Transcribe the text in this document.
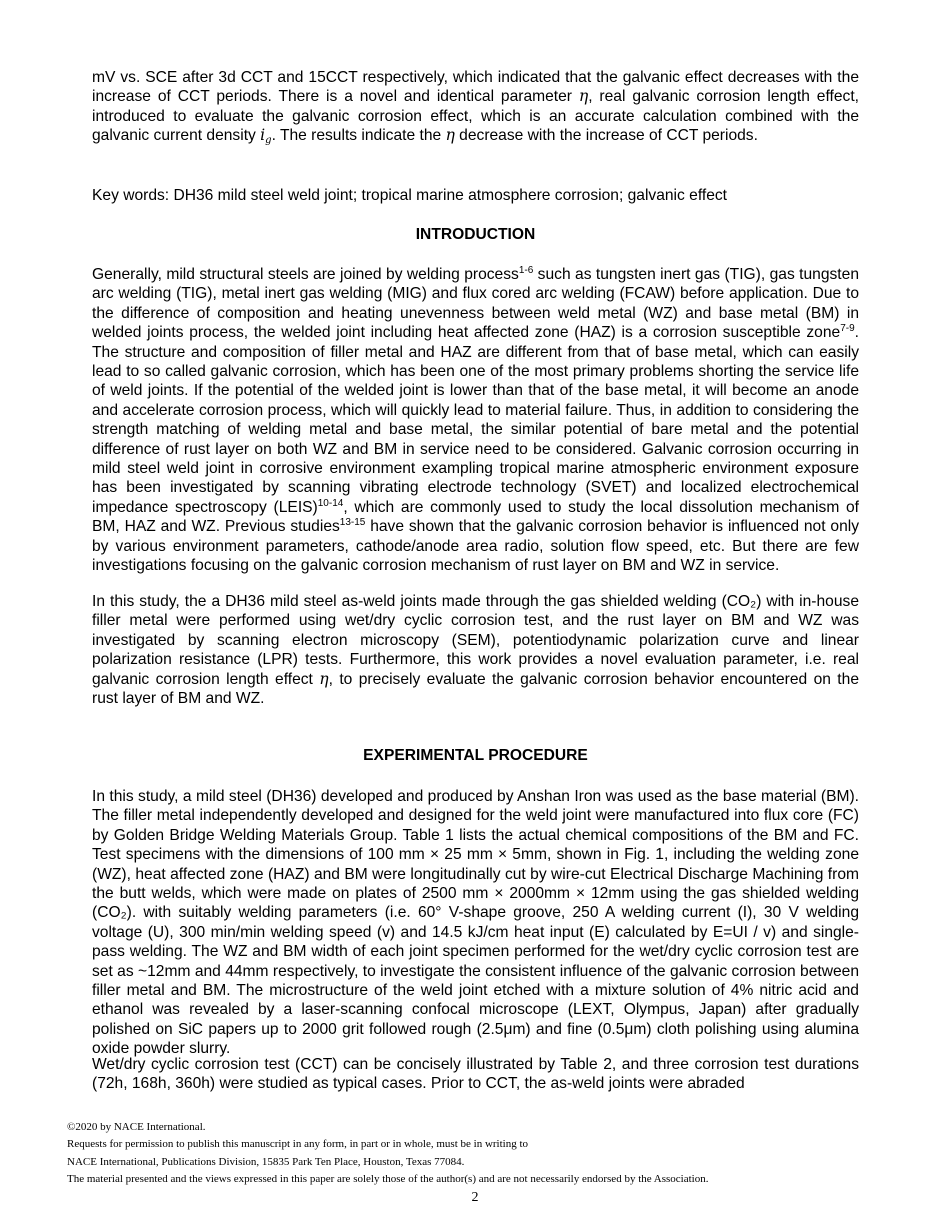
mV vs. SCE after 3d CCT and 15CCT respectively, which indicated that the galvanic effect decreases with the increase of CCT periods. There is a novel and identical parameter η, real galvanic corrosion length effect, introduced to evaluate the galvanic corrosion effect, which is an accurate calculation combined with the galvanic current density $i_g$. The results indicate the η decrease with the increase of CCT periods.

Key words: DH36 mild steel weld joint; tropical marine atmosphere corrosion; galvanic effect

INTRODUCTION

Generally, mild structural steels are joined by welding process$^{1-6}$ such as tungsten inert gas (TIG), gas tungsten arc welding (TIG), metal inert gas welding (MIG) and flux cored arc welding (FCAW) before application. Due to the difference of composition and heating unevenness between weld metal (WZ) and base metal (BM) in welded joints process, the welded joint including heat affected zone (HAZ) is a corrosion susceptible zone$^{7-9}$. The structure and composition of filler metal and HAZ are different from that of base metal, which can easily lead to so called galvanic corrosion, which has been one of the most primary problems shorting the service life of weld joints. If the potential of the welded joint is lower than that of the base metal, it will become an anode and accelerate corrosion process, which will quickly lead to material failure. Thus, in addition to considering the strength matching of welding metal and base metal, the similar potential of bare metal and the potential difference of rust layer on both WZ and BM in service need to be considered. Galvanic corrosion occurring in mild steel weld joint in corrosive environment exampling tropical marine atmospheric environment exposure has been investigated by scanning vibrating electrode technology (SVET) and localized electrochemical impedance spectroscopy (LEIS)$^{10-14}$, which are commonly used to study the local dissolution mechanism of BM, HAZ and WZ. Previous studies$^{13-15}$ have shown that the galvanic corrosion behavior is influenced not only by various environment parameters, cathode/anode area radio, solution flow speed, etc. But there are few investigations focusing on the galvanic corrosion mechanism of rust layer on BM and WZ in service.

In this study, the a DH36 mild steel as-weld joints made through the gas shielded welding (CO₂) with in-house filler metal were performed using wet/dry cyclic corrosion test, and the rust layer on BM and WZ was investigated by scanning electron microscopy (SEM), potentiodynamic polarization curve and linear polarization resistance (LPR) tests. Furthermore, this work provides a novel evaluation parameter, i.e. real galvanic corrosion length effect η, to precisely evaluate the galvanic corrosion behavior encountered on the rust layer of BM and WZ.

EXPERIMENTAL PROCEDURE

In this study, a mild steel (DH36) developed and produced by Anshan Iron was used as the base material (BM). The filler metal independently developed and designed for the weld joint were manufactured into flux core (FC) by Golden Bridge Welding Materials Group. Table 1 lists the actual chemical compositions of the BM and FC. Test specimens with the dimensions of 100 mm × 25 mm × 5mm, shown in Fig. 1, including the welding zone (WZ), heat affected zone (HAZ) and BM were longitudinally cut by wire-cut Electrical Discharge Machining from the butt welds, which were made on plates of 2500 mm × 2000mm × 12mm using the gas shielded welding (CO₂). with suitably welding parameters (i.e. 60° V-shape groove, 250 A welding current (I), 30 V welding voltage (U), 300 min/min welding speed (v) and 14.5 kJ/cm heat input (E) calculated by E=UI / v) and single-pass welding. The WZ and BM width of each joint specimen performed for the wet/dry cyclic corrosion test are set as ~12mm and 44mm respectively, to investigate the consistent influence of the galvanic corrosion between filler metal and BM. The microstructure of the weld joint etched with a mixture solution of 4% nitric acid and ethanol was revealed by a laser-scanning confocal microscope (LEXT, Olympus, Japan) after gradually polished on SiC papers up to 2000 grit followed rough (2.5μm) and fine (0.5μm) cloth polishing using alumina oxide powder slurry.

Wet/dry cyclic corrosion test (CCT) can be concisely illustrated by Table 2, and three corrosion test durations (72h, 168h, 360h) were studied as typical cases. Prior to CCT, the as-weld joints were abraded

©2020 by NACE International.

Requests for permission to publish this manuscript in any form, in part or in whole, must be in writing to

NACE International, Publications Division, 15835 Park Ten Place, Houston, Texas 77084.

The material presented and the views expressed in this paper are solely those of the author(s) and are not necessarily endorsed by the Association.

2
